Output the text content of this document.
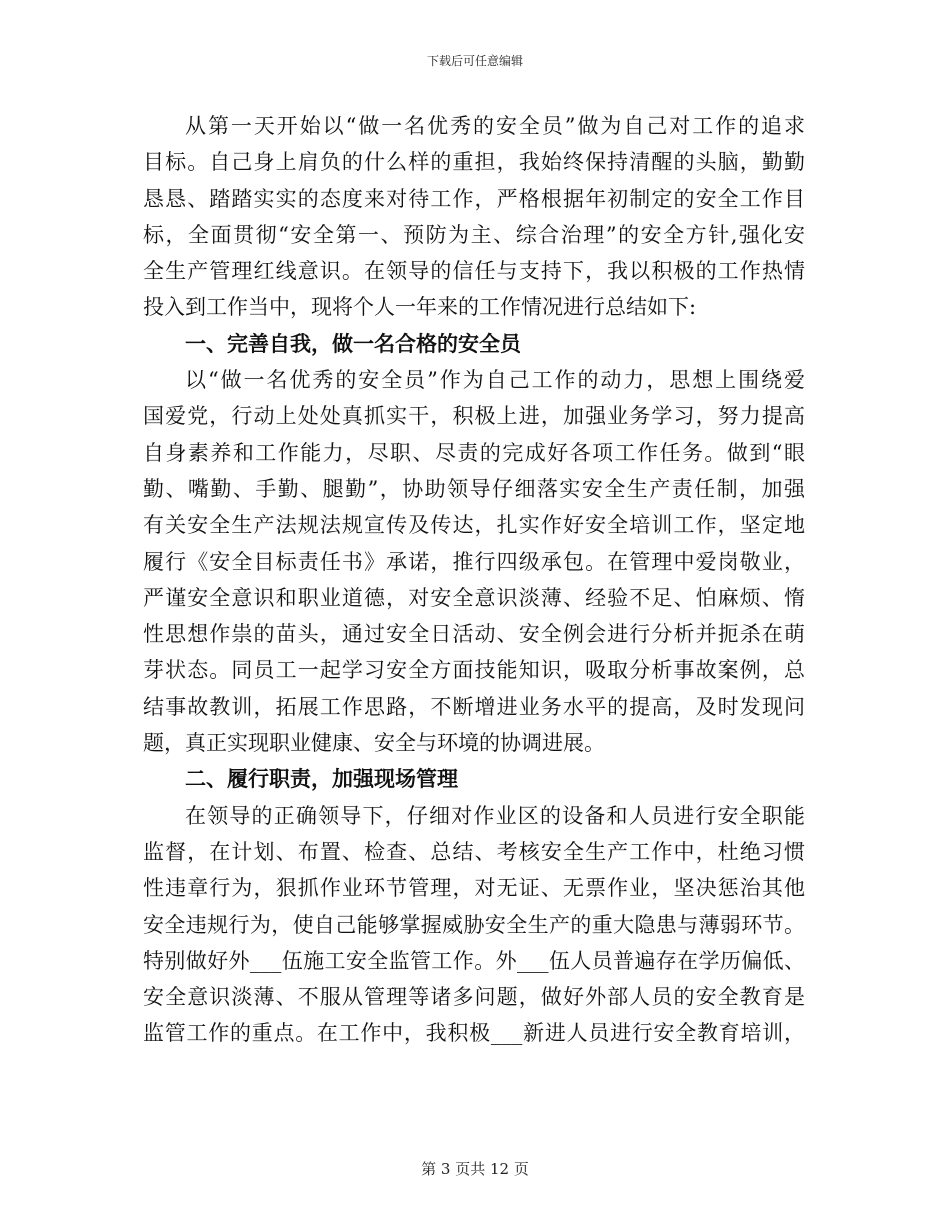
下载后可任意编辑
从第一天开始以“做一名优秀的安全员”做为自己对工作的追求
目标。自己身上肩负的什么样的重担，我始终保持清醒的头脑，勤勤
恳恳、踏踏实实的态度来对待工作，严格根据年初制定的安全工作目
标，全面贯彻“安全第一、预防为主、综合治理”的安全方针,强化安
全生产管理红线意识。在领导的信任与支持下，我以积极的工作热情
投入到工作当中，现将个人一年来的工作情况进行总结如下:
一、完善自我，做一名合格的安全员
以“做一名优秀的安全员”作为自己工作的动力，思想上围绕爱
国爱党，行动上处处真抓实干，积极上进，加强业务学习，努力提高
自身素养和工作能力，尽职、尽责的完成好各项工作任务。做到“眼
勤、嘴勤、手勤、腿勤”，协助领导仔细落实安全生产责任制，加强
有关安全生产法规法规宣传及传达，扎实作好安全培训工作，坚定地
履行《安全目标责任书》承诺，推行四级承包。在管理中爱岗敬业，
严谨安全意识和职业道德，对安全意识淡薄、经验不足、怕麻烦、惰
性思想作祟的苗头，通过安全日活动、安全例会进行分析并扼杀在萌
芽状态。同员工一起学习安全方面技能知识，吸取分析事故案例，总
结事故教训，拓展工作思路，不断增进业务水平的提高，及时发现问
题，真正实现职业健康、安全与环境的协调进展。
二、履行职责，加强现场管理
在领导的正确领导下，仔细对作业区的设备和人员进行安全职能
监督，在计划、布置、检查、总结、考核安全生产工作中，杜绝习惯
性违章行为，狠抓作业环节管理，对无证、无票作业，坚决惩治其他
安全违规行为，使自己能够掌握威胁安全生产的重大隐患与薄弱环节。
特别做好外___伍施工安全监管工作。外___伍人员普遍存在学历偏低、
安全意识淡薄、不服从管理等诸多问题，做好外部人员的安全教育是
监管工作的重点。在工作中，我积极___新进人员进行安全教育培训，
第 3 页共 12 页
